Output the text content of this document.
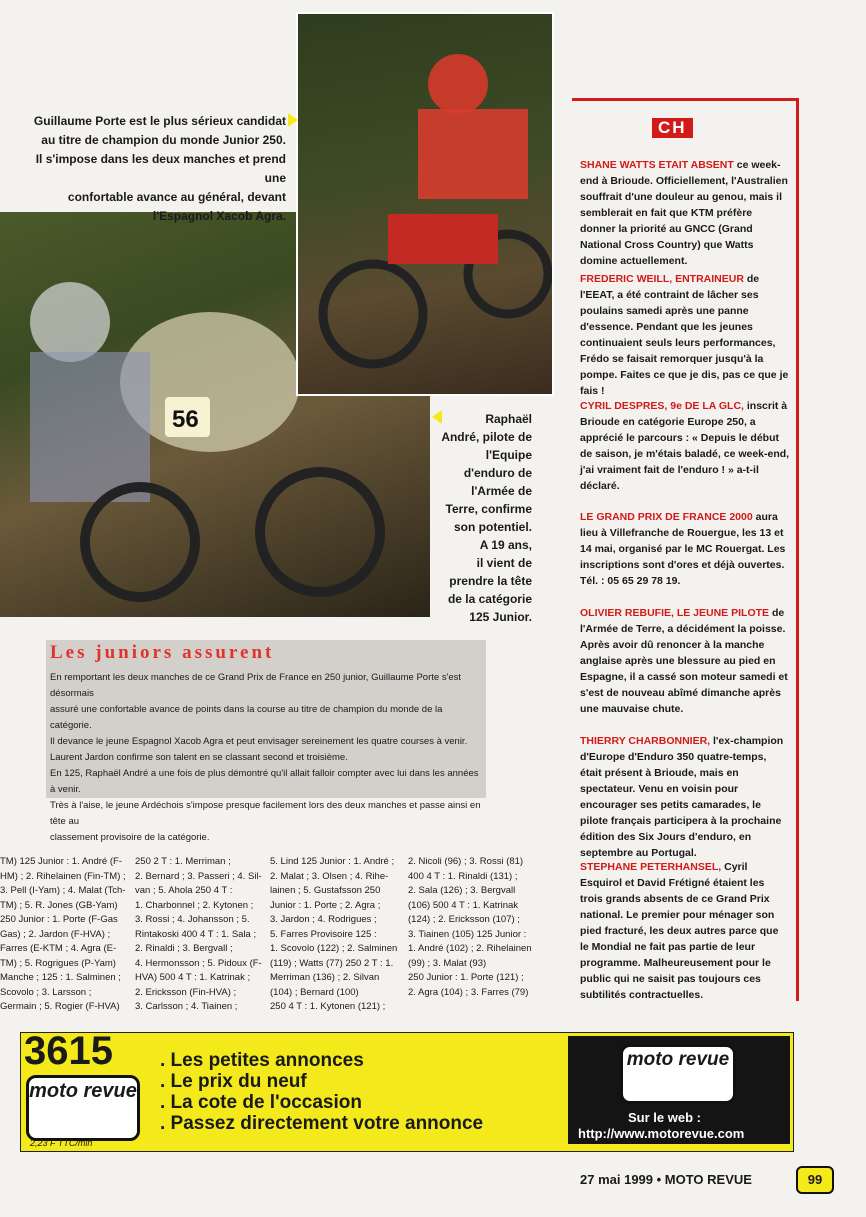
56
Guillaume Porte est le plus sérieux candidat
au titre de champion du monde Junior 250.
Il s'impose dans les deux manches et prend une
confortable avance au général, devant
l'Espagnol Xacob Agra.
Raphaël
André, pilote de
l'Equipe
d'enduro de
l'Armée de
Terre, confirme
son potentiel.
A 19 ans,
il vient de
prendre la tête
de la catégorie
125 Junior.
CH
SHANE WATTS ETAIT ABSENT ce week-end à Brioude. Officiellement, l'Australien souffrait d'une douleur au genou, mais il semblerait en fait que KTM préfère donner la priorité au GNCC (Grand National Cross Country) que Watts domine actuellement.
FREDERIC WEILL, ENTRAINEUR de l'EEAT, a été contraint de lâcher ses poulains samedi après une panne d'essence. Pendant que les jeunes continuaient seuls leurs performances, Frédo se faisait remorquer jusqu'à la pompe. Faites ce que je dis, pas ce que je fais !
CYRIL DESPRES, 9e DE LA GLC, inscrit à Brioude en catégorie Europe 250, a apprécié le parcours : « Depuis le début de saison, je m'étais baladé, ce week-end, j'ai vraiment fait de l'enduro ! » a-t-il déclaré.
LE GRAND PRIX DE FRANCE 2000 aura lieu à Villefranche de Rouergue, les 13 et 14 mai, organisé par le MC Rouergat. Les inscriptions sont d'ores et déjà ouvertes. Tél. : 05 65 29 78 19.
OLIVIER REBUFIE, LE JEUNE PILOTE de l'Armée de Terre, a décidément la poisse. Après avoir dû renoncer à la manche anglaise après une blessure au pied en Espagne, il a cassé son moteur samedi et s'est de nouveau abîmé dimanche après une mauvaise chute.
THIERRY CHARBONNIER, l'ex-champion d'Europe d'Enduro 350 quatre-temps, était présent à Brioude, mais en spectateur. Venu en voisin pour encourager ses petits camarades, le pilote français participera à la prochaine édition des Six Jours d'enduro, en septembre au Portugal.
STEPHANE PETERHANSEL, Cyril Esquirol et David Frétigné étaient les trois grands absents de ce Grand Prix national. Le premier pour ménager son pied fracturé, les deux autres parce que le Mondial ne fait pas partie de leur programme. Malheureusement pour le public qui ne saisit pas toujours ces subtilités contractuelles.
Les juniors assurent
En remportant les deux manches de ce Grand Prix de France en 250 junior, Guillaume Porte s'est désormais
assuré une confortable avance de points dans la course au titre de champion du monde de la catégorie.
Il devance le jeune Espagnol Xacob Agra et peut envisager sereinement les quatre courses à venir.
Laurent Jardon confirme son talent en se classant second et troisième.
En 125, Raphaël André a une fois de plus démontré qu'il allait falloir compter avec lui dans les années à venir.
Très à l'aise, le jeune Ardéchois s'impose presque facilement lors des deux manches et passe ainsi en tête au
classement provisoire de la catégorie.
TM) 125 Junior : 1. André (F-
HM) ; 2. Rihelainen (Fin-TM) ;
3. Pell (I-Yam) ; 4. Malat (Tch-
TM) ; 5. R. Jones (GB-Yam)
250 Junior : 1. Porte (F-Gas
Gas) ; 2. Jardon (F-HVA) ;
Farres (E-KTM ; 4. Agra (E-
TM) ; 5. Rogrigues (P-Yam)
Manche ; 125 : 1. Salminen ;
Scovolo ; 3. Larsson ;
Germain ; 5. Rogier (F-HVA)
250 2 T : 1. Merriman ;
2. Bernard ; 3. Passeri ; 4. Sil-
van ; 5. Ahola 250 4 T :
1. Charbonnel ; 2. Kytonen ;
3. Rossi ; 4. Johansson ; 5.
Rintakoski 400 4 T : 1. Sala ;
2. Rinaldi ; 3. Bergvall ;
4. Hermonsson ; 5. Pidoux (F-
HVA) 500 4 T : 1. Katrinak ;
2. Ericksson (Fin-HVA) ;
3. Carlsson ; 4. Tiainen ;
5. Lind 125 Junior : 1. André ;
2. Malat ; 3. Olsen ; 4. Rihe-
lainen ; 5. Gustafsson 250
Junior : 1. Porte ; 2. Agra ;
3. Jardon ; 4. Rodrigues ;
5. Farres Provisoire 125 :
1. Scovolo (122) ; 2. Salminen
(119) ; Watts (77) 250 2 T : 1.
Merriman (136) ; 2. Silvan
(104) ; Bernard (100)
250 4 T : 1. Kytonen (121) ;
2. Nicoli (96) ; 3. Rossi (81)
400 4 T : 1. Rinaldi (131) ;
2. Sala (126) ; 3. Bergvall
(106) 500 4 T : 1. Katrinak
(124) ; 2. Ericksson (107) ;
3. Tiainen (105) 125 Junior :
1. André (102) ; 2. Rihelainen
(99) ; 3. Malat (93)
250 Junior : 1. Porte (121) ;
2. Agra (104) ; 3. Farres (79)
3615
moto revue
2,23 F TTC/min
. Les petites annonces
. Le prix du neuf
. La cote de l'occasion
. Passez directement votre annonce
moto revue
Sur le web :
http://www.motorevue.com
27 mai 1999 • MOTO REVUE	99
